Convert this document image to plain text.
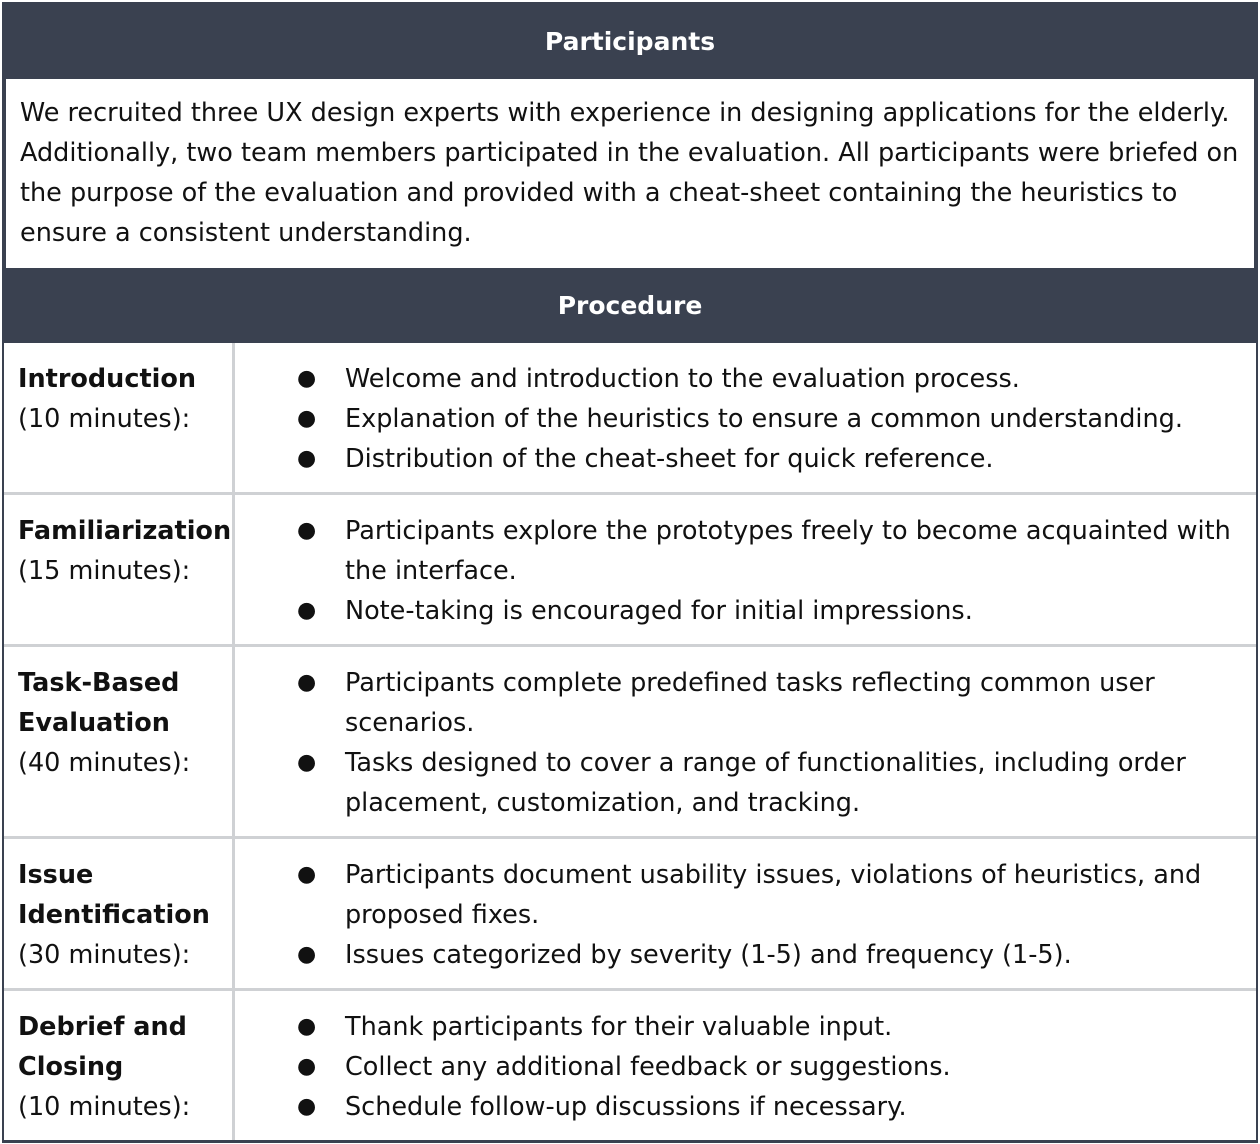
Participants
We recruited three UX design experts with experience in designing applications for the elderly. Additionally, two team members participated in the evaluation. All participants were briefed on the purpose of the evaluation and provided with a cheat-sheet containing the heuristics to ensure a consistent understanding.
Procedure
Introduction
(10 minutes):
● Welcome and introduction to the evaluation process.
● Explanation of the heuristics to ensure a common understanding.
● Distribution of the cheat-sheet for quick reference.
Familiarization
(15 minutes):
● Participants explore the prototypes freely to become acquainted with the interface.
● Note-taking is encouraged for initial impressions.
Task-Based
Evaluation
(40 minutes):
● Participants complete predefined tasks reflecting common user scenarios.
● Tasks designed to cover a range of functionalities, including order placement, customization, and tracking.
Issue
Identification
(30 minutes):
● Participants document usability issues, violations of heuristics, and proposed fixes.
● Issues categorized by severity (1-5) and frequency (1-5).
Debrief and
Closing
(10 minutes):
● Thank participants for their valuable input.
● Collect any additional feedback or suggestions.
● Schedule follow-up discussions if necessary.
